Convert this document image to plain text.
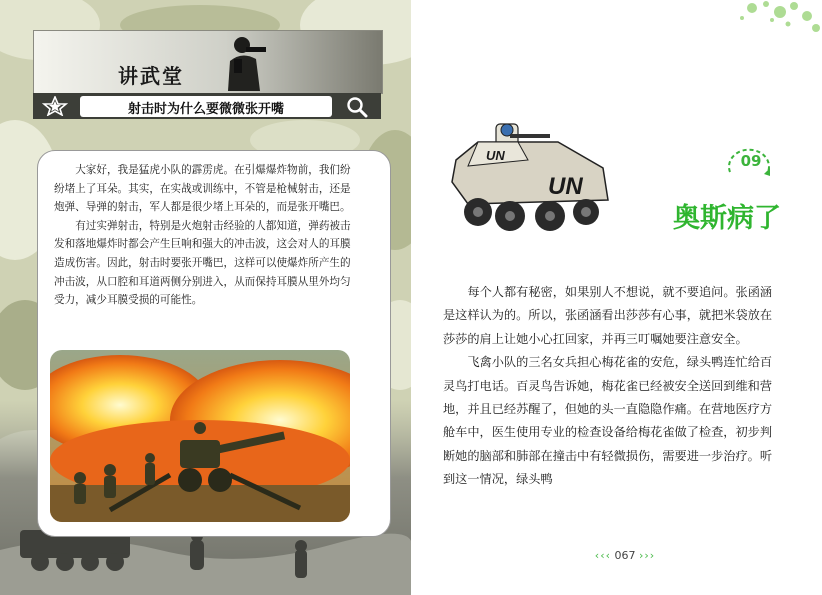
讲武堂
射击时为什么要微微张开嘴

大家好，我是猛虎小队的霹雳虎。在引爆爆炸物前，我们纷纷堵上了耳朵。其实，在实战或训练中，不管是枪械射击，还是炮弹、导弹的射击，军人都是很少堵上耳朵的，而是张开嘴巴。

有过实弹射击，特别是火炮射击经验的人都知道，弹药被击发和落地爆炸时都会产生巨响和强大的冲击波，这会对人的耳膜造成伤害。因此，射击时要张开嘴巴，这样可以使爆炸所产生的冲击波，从口腔和耳道两侧分别进入，从而保持耳膜从里外均匀受力，减少耳膜受损的可能性。

UN
UN
09
奥斯病了

每个人都有秘密，如果别人不想说，就不要追问。张函涵是这样认为的。所以，张函涵看出莎莎有心事，就把米袋放在莎莎的肩上让她小心扛回家，并再三叮嘱她要注意安全。

飞禽小队的三名女兵担心梅花雀的安危，绿头鸭连忙给百灵鸟打电话。百灵鸟告诉她，梅花雀已经被安全送回到维和营地，并且已经苏醒了，但她的头一直隐隐作痛。在营地医疗方舱车中，医生使用专业的检查设备给梅花雀做了检查，初步判断她的脑部和肺部在撞击中有轻微损伤，需要进一步治疗。听到这一情况，绿头鸭

‹‹‹ 067 ›››
